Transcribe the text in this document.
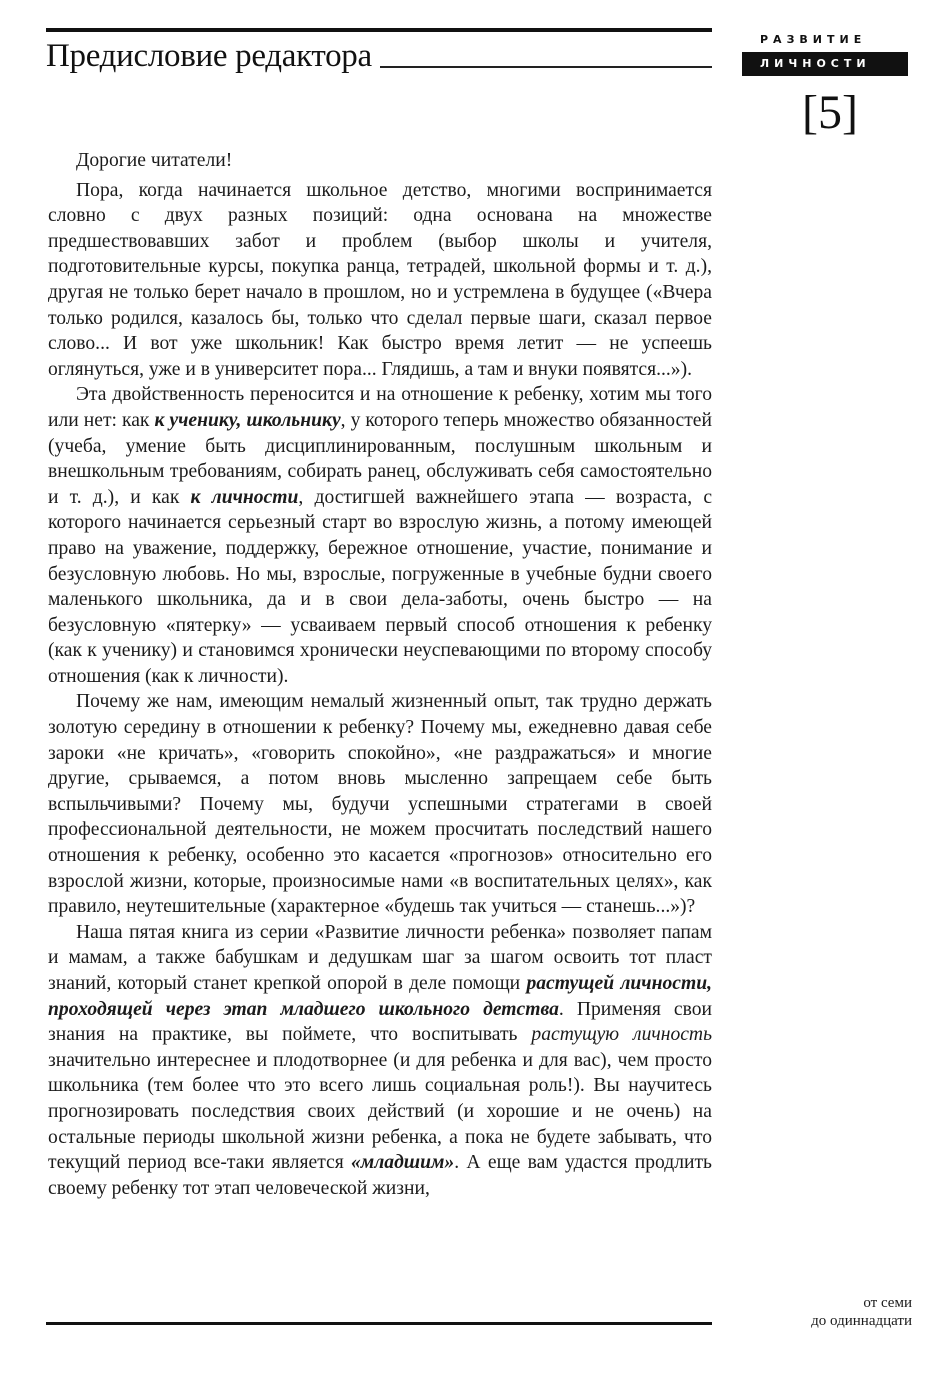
Предисловие редактора	РАЗВИТИЕ
ЛИЧНОСТИ
[5]

Дорогие читатели!

Пора, когда начинается школьное детство, многими воспринимается словно с двух разных позиций: одна основана на множестве предшествовавших забот и проблем (выбор школы и учителя, подготовительные курсы, покупка ранца, тетрадей, школьной формы и т. д.), другая не только берет начало в прошлом, но и устремлена в будущее («Вчера только родился, казалось бы, только что сделал первые шаги, сказал первое слово... И вот уже школьник! Как быстро время летит — не успеешь оглянуться, уже и в университет пора... Глядишь, а там и внуки появятся...»).

Эта двойственность переносится и на отношение к ребенку, хотим мы того или нет: как к ученику, школьнику, у которого теперь множество обязанностей (учеба, умение быть дисциплинированным, послушным школьным и внешкольным требованиям, собирать ранец, обслуживать себя самостоятельно и т. д.), и как к личности, достигшей важнейшего этапа — возраста, с которого начинается серьезный старт во взрослую жизнь, а потому имеющей право на уважение, поддержку, бережное отношение, участие, понимание и безусловную любовь. Но мы, взрослые, погруженные в учебные будни своего маленького школьника, да и в свои дела-заботы, очень быстро — на безусловную «пятерку» — усваиваем первый способ отношения к ребенку (как к ученику) и становимся хронически неуспевающими по второму способу отношения (как к личности).

Почему же нам, имеющим немалый жизненный опыт, так трудно держать золотую середину в отношении к ребенку? Почему мы, ежедневно давая себе зароки «не кричать», «говорить спокойно», «не раздражаться» и многие другие, срываемся, а потом вновь мысленно запрещаем себе быть вспыльчивыми? Почему мы, будучи успешными стратегами в своей профессиональной деятельности, не можем просчитать последствий нашего отношения к ребенку, особенно это касается «прогнозов» относительно его взрослой жизни, которые, произносимые нами «в воспитательных целях», как правило, неутешительные (характерное «будешь так учиться — станешь...»)?

Наша пятая книга из серии «Развитие личности ребенка» позволяет папам и мамам, а также бабушкам и дедушкам шаг за шагом освоить тот пласт знаний, который станет крепкой опорой в деле помощи растущей личности, проходящей через этап младшего школьного детства. Применяя свои знания на практике, вы поймете, что воспитывать растущую личность значительно интереснее и плодотворнее (и для ребенка и для вас), чем просто школьника (тем более что это всего лишь социальная роль!). Вы научитесь прогнозировать последствия своих действий (и хорошие и не очень) на остальные периоды школьной жизни ребенка, а пока не будете забывать, что текущий период все-таки является «младшим». А еще вам удастся продлить своему ребенку тот этап человеческой жизни,

от семи
до одиннадцати
